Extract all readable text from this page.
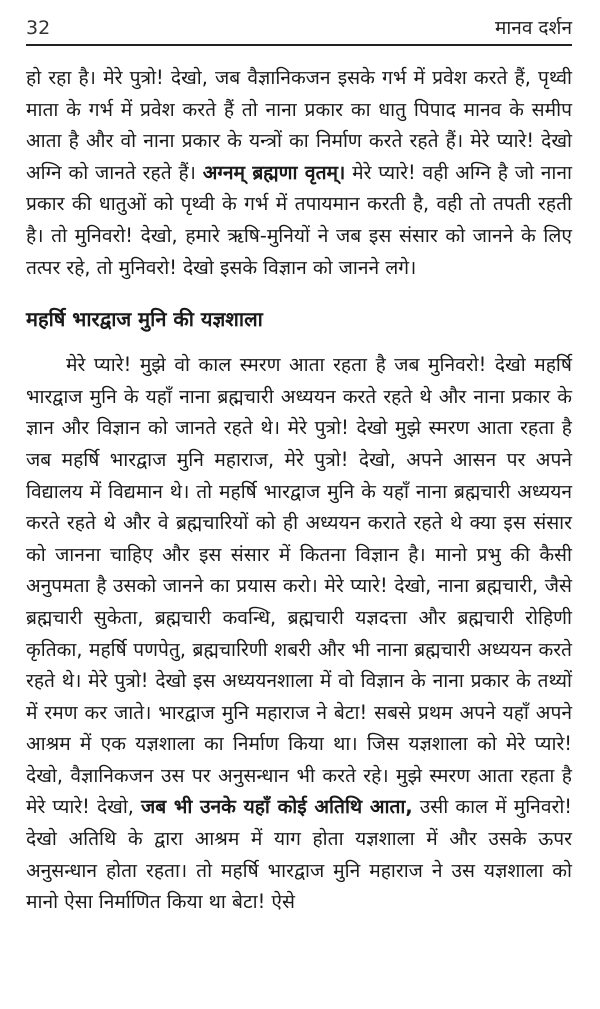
32	मानव दर्शन

हो रहा है। मेरे पुत्रो! देखो, जब वैज्ञानिकजन इसके गर्भ में प्रवेश करते हैं, पृथ्वी माता के गर्भ में प्रवेश करते हैं तो नाना प्रकार का धातु पिपाद मानव के समीप आता है और वो नाना प्रकार के यन्त्रों का निर्माण करते रहते हैं। मेरे प्यारे! देखो अग्नि को जानते रहते हैं। अग्नम् ब्रह्मणा वृतम्। मेरे प्यारे! वही अग्नि है जो नाना प्रकार की धातुओं को पृथ्वी के गर्भ में तपायमान करती है, वही तो तपती रहती है। तो मुनिवरो! देखो, हमारे ऋषि-मुनियों ने जब इस संसार को जानने के लिए तत्पर रहे, तो मुनिवरो! देखो इसके विज्ञान को जानने लगे।

महर्षि भारद्वाज मुनि की यज्ञशाला

मेरे प्यारे! मुझे वो काल स्मरण आता रहता है जब मुनिवरो! देखो महर्षि भारद्वाज मुनि के यहाँ नाना ब्रह्मचारी अध्ययन करते रहते थे और नाना प्रकार के ज्ञान और विज्ञान को जानते रहते थे। मेरे पुत्रो! देखो मुझे स्मरण आता रहता है जब महर्षि भारद्वाज मुनि महाराज, मेरे पुत्रो! देखो, अपने आसन पर अपने विद्यालय में विद्यमान थे। तो महर्षि भारद्वाज मुनि के यहाँ नाना ब्रह्मचारी अध्ययन करते रहते थे और वे ब्रह्मचारियों को ही अध्ययन कराते रहते थे क्या इस संसार को जानना चाहिए और इस संसार में कितना विज्ञान है। मानो प्रभु की कैसी अनुपमता है उसको जानने का प्रयास करो। मेरे प्यारे! देखो, नाना ब्रह्मचारी, जैसे ब्रह्मचारी सुकेता, ब्रह्मचारी कवन्धि, ब्रह्मचारी यज्ञदत्ता और ब्रह्मचारी रोहिणी कृतिका, महर्षि पणपेतु, ब्रह्मचारिणी शबरी और भी नाना ब्रह्मचारी अध्ययन करते रहते थे। मेरे पुत्रो! देखो इस अध्ययनशाला में वो विज्ञान के नाना प्रकार के तथ्यों में रमण कर जाते। भारद्वाज मुनि महाराज ने बेटा! सबसे प्रथम अपने यहाँ अपने आश्रम में एक यज्ञशाला का निर्माण किया था। जिस यज्ञशाला को मेरे प्यारे! देखो, वैज्ञानिकजन उस पर अनुसन्धान भी करते रहे। मुझे स्मरण आता रहता है मेरे प्यारे! देखो, जब भी उनके यहाँ कोई अतिथि आता, उसी काल में मुनिवरो! देखो अतिथि के द्वारा आश्रम में याग होता यज्ञशाला में और उसके ऊपर अनुसन्धान होता रहता। तो महर्षि भारद्वाज मुनि महाराज ने उस यज्ञशाला को मानो ऐसा निर्माणित किया था बेटा! ऐसे
